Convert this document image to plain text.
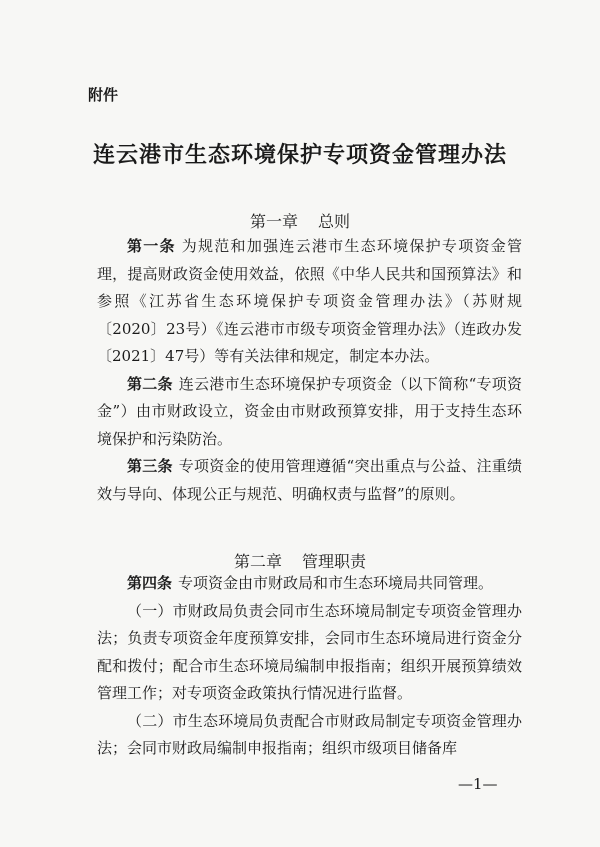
附件
连云港市生态环境保护专项资金管理办法
第一章 总则

第一条 为规范和加强连云港市生态环境保护专项资金管理，提高财政资金使用效益，依照《中华人民共和国预算法》和参照《江苏省生态环境保护专项资金管理办法》（苏财规〔2020〕23号）《连云港市市级专项资金管理办法》（连政办发〔2021〕47号）等有关法律和规定，制定本办法。

第二条 连云港市生态环境保护专项资金（以下简称“专项资金”）由市财政设立，资金由市财政预算安排，用于支持生态环境保护和污染防治。

第三条 专项资金的使用管理遵循“突出重点与公益、注重绩效与导向、体现公正与规范、明确权责与监督”的原则。

第二章 管理职责

第四条 专项资金由市财政局和市生态环境局共同管理。

（一）市财政局负责会同市生态环境局制定专项资金管理办法；负责专项资金年度预算安排，会同市生态环境局进行资金分配和拨付；配合市生态环境局编制申报指南；组织开展预算绩效管理工作；对专项资金政策执行情况进行监督。

（二）市生态环境局负责配合市财政局制定专项资金管理办法；会同市财政局编制申报指南；组织市级项目储备库

—1—
